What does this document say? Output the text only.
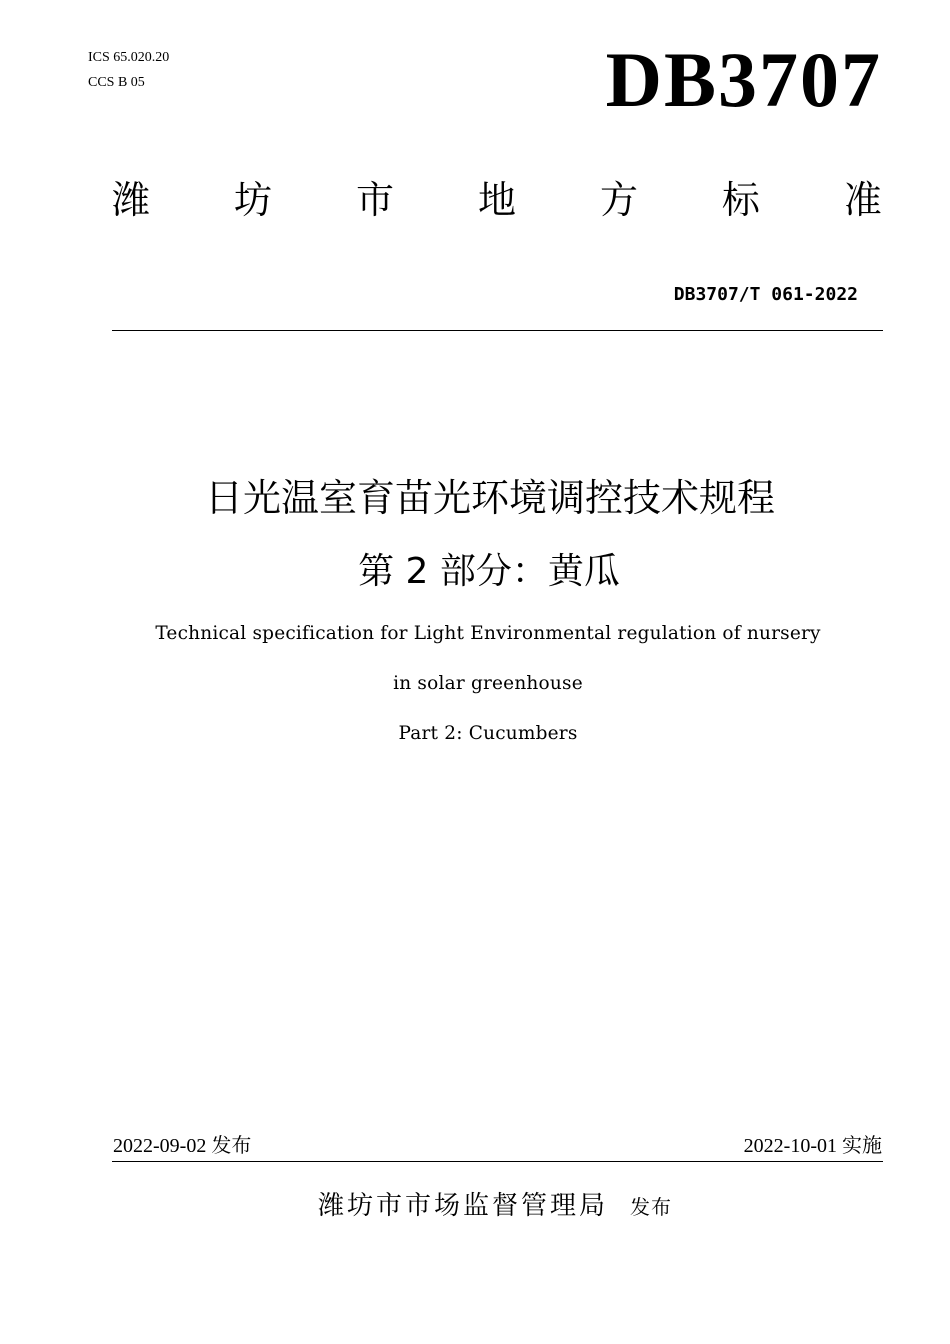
ICS 65.020.20
CCS B 05	DB3707
潍 坊 市 地 方 标 准
DB3707/T 061-2022
日光温室育苗光环境调控技术规程
第 2 部分：黄瓜
Technical specification for Light Environmental regulation of nursery
in solar greenhouse
Part 2: Cucumbers
2022-09-02 发布	2022-10-01 实施
潍坊市市场监督管理局 发布
